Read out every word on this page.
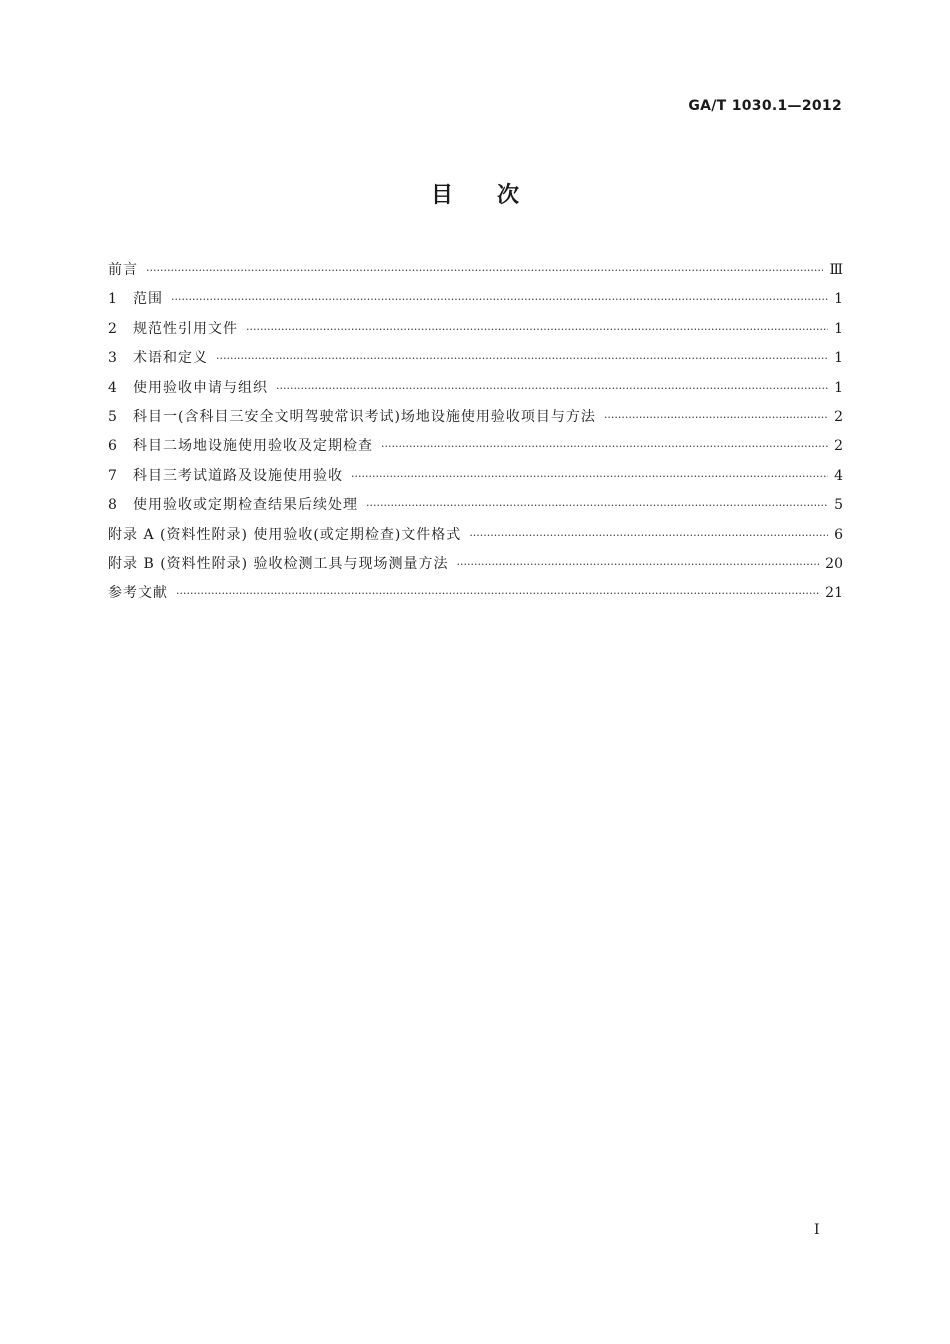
GA/T 1030.1—2012
目 次
前言 ·····	Ⅲ
1	范围 ·····	1
2	规范性引用文件 ·····	1
3	术语和定义 ·····	1
4	使用验收申请与组织 ·····	1
5	科目一(含科目三安全文明驾驶常识考试)场地设施使用验收项目与方法 ·····	2
6	科目二场地设施使用验收及定期检查 ·····	2
7	科目三考试道路及设施使用验收 ·····	4
8	使用验收或定期检查结果后续处理 ·····	5
附录 A (资料性附录) 使用验收(或定期检查)文件格式 ·····	6
附录 B (资料性附录) 验收检测工具与现场测量方法 ·····	20
参考文献 ·····	21
I
